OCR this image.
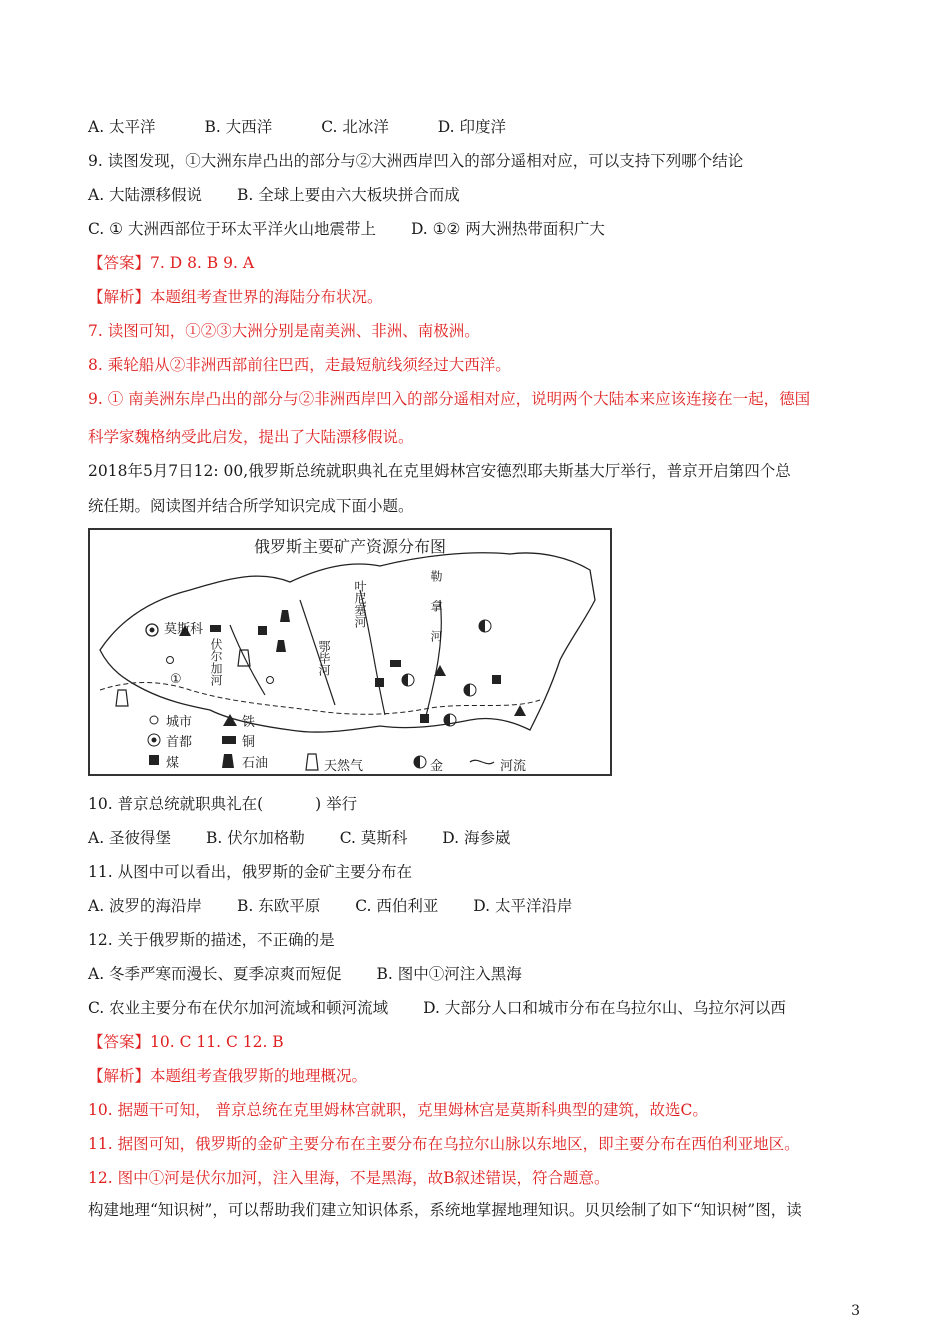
A. 太平洋	B. 大西洋	C. 北冰洋	D. 印度洋
9. 读图发现，①大洲东岸凸出的部分与②大洲西岸凹入的部分遥相对应，可以支持下列哪个结论
A. 大陆漂移假说 B. 全球上要由六大板块拼合而成
C. ① 大洲西部位于环太平洋火山地震带上 D. ①② 两大洲热带面积广大
【答案】7. D 8. B 9. A
【解析】本题组考查世界的海陆分布状况。
7. 读图可知，①②③大洲分别是南美洲、非洲、南极洲。
8. 乘轮船从②非洲西部前往巴西，走最短航线须经过大西洋。
9. ① 南美洲东岸凸出的部分与②非洲西岸凹入的部分遥相对应，说明两个大陆本来应该连接在一起，德国
科学家魏格纳受此启发，提出了大陆漂移假说。
2018年5月7日12: 00,俄罗斯总统就职典礼在克里姆林宫安德烈耶夫斯基大厅举行，普京开启第四个总
统任期。阅读图并结合所学知识完成下面小题。
俄罗斯主要矿产资源分布图
莫斯科
伏尔加河	鄂毕河
叶尼塞河	勒拿河
①
城市
首都
煤
铁
铜
石油	天然气	金	河流
10. 普京总统就职典礼在(	) 举行
A. 圣彼得堡 B. 伏尔加格勒 C. 莫斯科 D. 海参崴
11. 从图中可以看出，俄罗斯的金矿主要分布在
A. 波罗的海沿岸 B. 东欧平原 C. 西伯利亚 D. 太平洋沿岸
12. 关于俄罗斯的描述，不正确的是
A. 冬季严寒而漫长、夏季凉爽而短促 B. 图中①河注入黑海
C. 农业主要分布在伏尔加河流域和顿河流域 D. 大部分人口和城市分布在乌拉尔山、乌拉尔河以西
【答案】10. C 11. C 12. B
【解析】本题组考查俄罗斯的地理概况。
10. 据题干可知， 普京总统在克里姆林宫就职，克里姆林宫是莫斯科典型的建筑，故选C。
11. 据图可知，俄罗斯的金矿主要分布在主要分布在乌拉尔山脉以东地区，即主要分布在西伯利亚地区。
12. 图中①河是伏尔加河，注入里海，不是黑海，故B叙述错误，符合题意。
构建地理“知识树”，可以帮助我们建立知识体系，系统地掌握地理知识。贝贝绘制了如下“知识树”图，读
3
